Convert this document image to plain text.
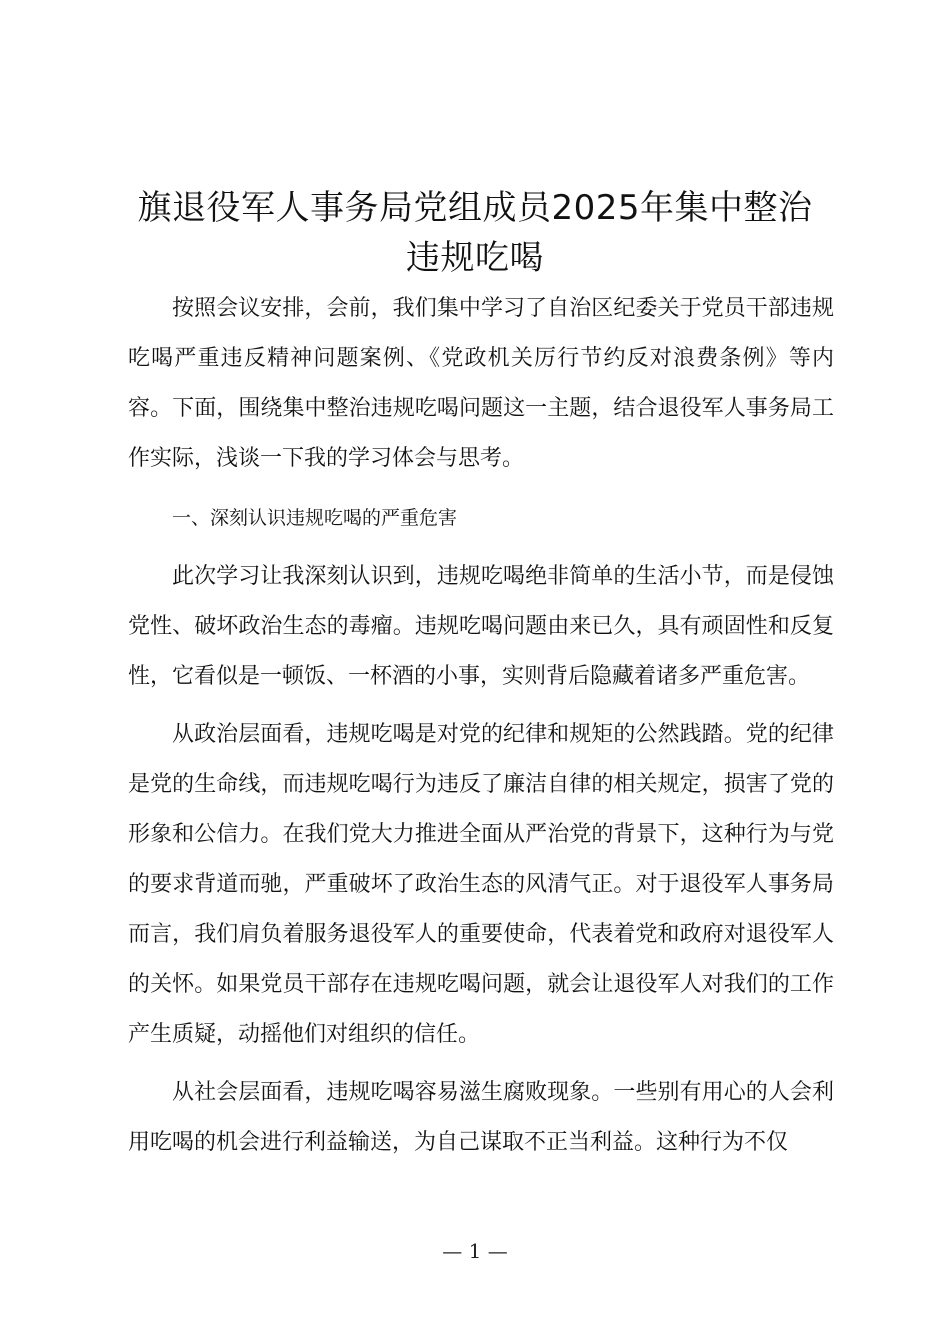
旗退役军人事务局党组成员2025年集中整治
违规吃喝

按照会议安排，会前，我们集中学习了自治区纪委关于党员干部违规吃喝严重违反精神问题案例、《党政机关厉行节约反对浪费条例》等内容。下面，围绕集中整治违规吃喝问题这一主题，结合退役军人事务局工作实际，浅谈一下我的学习体会与思考。

一、深刻认识违规吃喝的严重危害

此次学习让我深刻认识到，违规吃喝绝非简单的生活小节，而是侵蚀党性、破坏政治生态的毒瘤。违规吃喝问题由来已久，具有顽固性和反复性，它看似是一顿饭、一杯酒的小事，实则背后隐藏着诸多严重危害。

从政治层面看，违规吃喝是对党的纪律和规矩的公然践踏。党的纪律是党的生命线，而违规吃喝行为违反了廉洁自律的相关规定，损害了党的形象和公信力。在我们党大力推进全面从严治党的背景下，这种行为与党的要求背道而驰，严重破坏了政治生态的风清气正。对于退役军人事务局而言，我们肩负着服务退役军人的重要使命，代表着党和政府对退役军人的关怀。如果党员干部存在违规吃喝问题，就会让退役军人对我们的工作产生质疑，动摇他们对组织的信任。

从社会层面看，违规吃喝容易滋生腐败现象。一些别有用心的人会利用吃喝的机会进行利益输送，为自己谋取不正当利益。这种行为不仅

— 1 —
